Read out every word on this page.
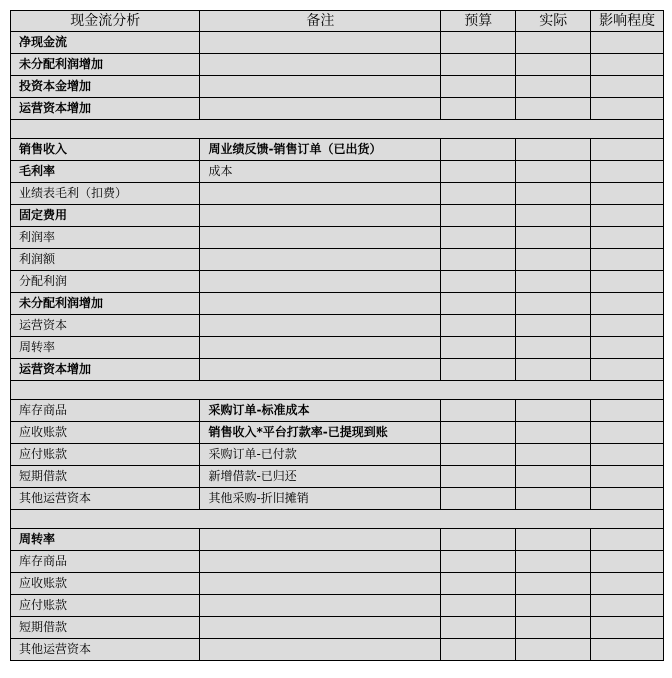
现金流分析	备注	预算	实际	影响程度
净现金流				
未分配利润增加				
投资本金增加				
运营资本增加				

销售收入	周业绩反馈-销售订单（已出货）			
毛利率	成本			
业绩表毛利（扣费）				
固定费用				
利润率				
利润额				
分配利润				
未分配利润增加				
运营资本				
周转率				
运营资本增加				

库存商品	采购订单-标准成本			
应收账款	销售收入*平台打款率-已提现到账			
应付账款	采购订单-已付款			
短期借款	新增借款-已归还			
其他运营资本	其他采购-折旧摊销			

周转率				
库存商品				
应收账款				
应付账款				
短期借款				
其他运营资本				
